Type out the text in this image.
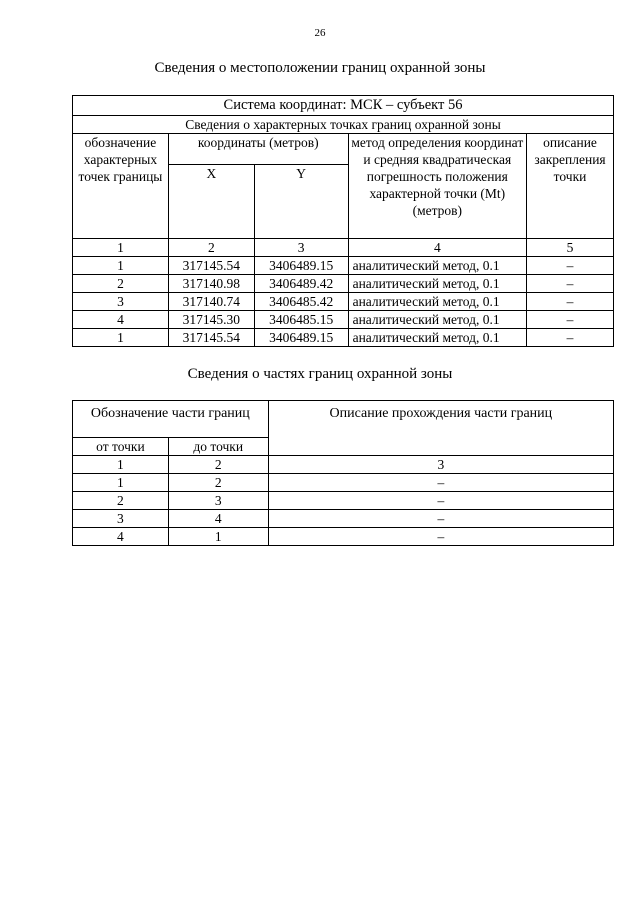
26
Сведения о местоположении границ охранной зоны
Система координат: МСК – субъект 56				
Сведения о характерных точках границ охранной зоны				
обозначение характерных точек границы	координаты (метров)		метод определения координат и средняя квадратическая погрешность положения характерной точки (Mt) (метров)	описание закрепления точки
	X	Y		
1	2	3	4	5
1	317145.54	3406489.15	аналитический метод, 0.1	–
2	317140.98	3406489.42	аналитический метод, 0.1	–
3	317140.74	3406485.42	аналитический метод, 0.1	–
4	317145.30	3406485.15	аналитический метод, 0.1	–
1	317145.54	3406489.15	аналитический метод, 0.1	–
Сведения о частях границ охранной зоны
Обозначение части границ		Описание прохождения части границ
от точки	до точки	
1	2	3
1	2	–
2	3	–
3	4	–
4	1	–
